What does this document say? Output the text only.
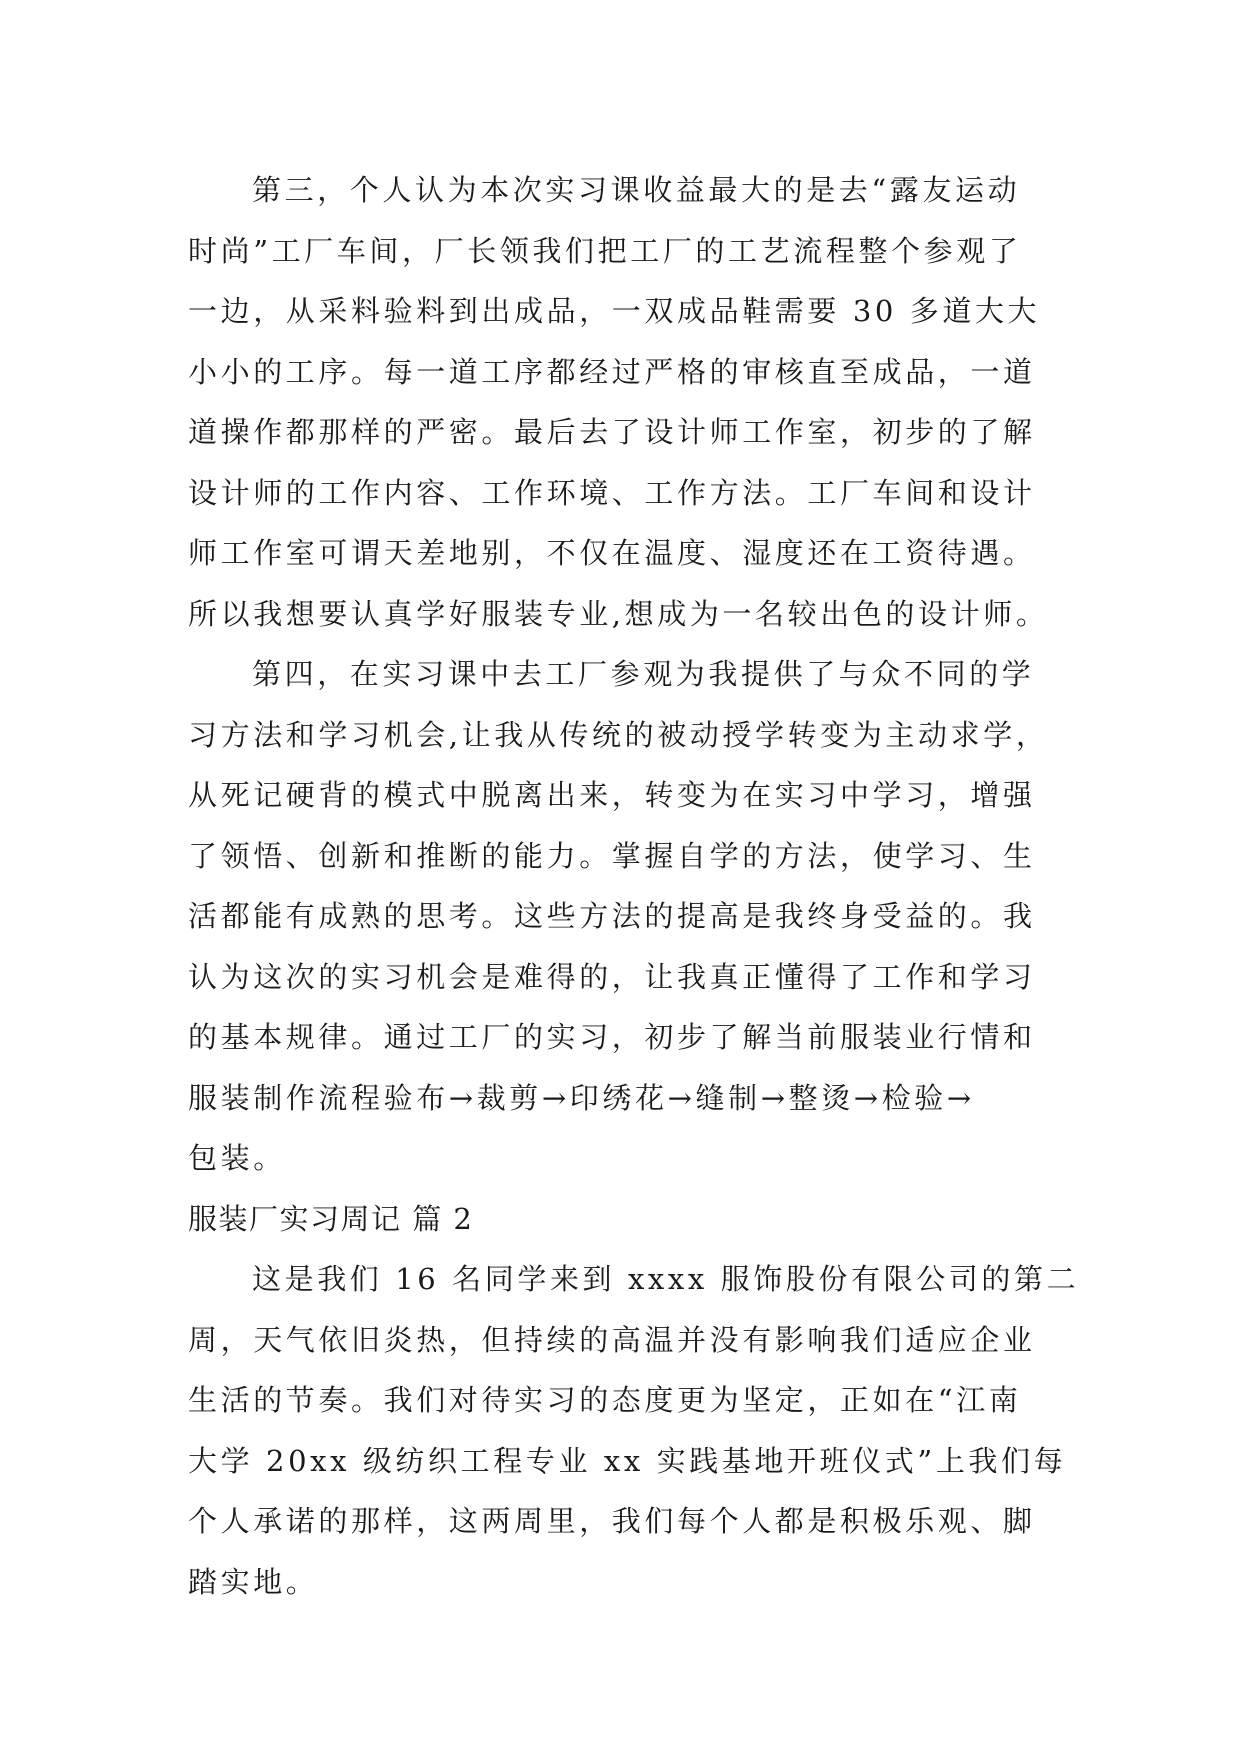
第三，个人认为本次实习课收益最大的是去“露友运动
时尚”工厂车间，厂长领我们把工厂的工艺流程整个参观了
一边，从采料验料到出成品，一双成品鞋需要 30 多道大大
小小的工序。每一道工序都经过严格的审核直至成品，一道
道操作都那样的严密。最后去了设计师工作室，初步的了解
设计师的工作内容、工作环境、工作方法。工厂车间和设计
师工作室可谓天差地别，不仅在温度、湿度还在工资待遇。
所以我想要认真学好服装专业,想成为一名较出色的设计师。
第四，在实习课中去工厂参观为我提供了与众不同的学
习方法和学习机会,让我从传统的被动授学转变为主动求学，
从死记硬背的模式中脱离出来，转变为在实习中学习，增强
了领悟、创新和推断的能力。掌握自学的方法，使学习、生
活都能有成熟的思考。这些方法的提高是我终身受益的。我
认为这次的实习机会是难得的，让我真正懂得了工作和学习
的基本规律。通过工厂的实习，初步了解当前服装业行情和
服装制作流程验布→裁剪→印绣花→缝制→整烫→检验→
包装。
服装厂实习周记 篇 2
这是我们 16 名同学来到 xxxx 服饰股份有限公司的第二
周，天气依旧炎热，但持续的高温并没有影响我们适应企业
生活的节奏。我们对待实习的态度更为坚定，正如在“江南
大学 20xx 级纺织工程专业 xx 实践基地开班仪式”上我们每
个人承诺的那样，这两周里，我们每个人都是积极乐观、脚
踏实地。
